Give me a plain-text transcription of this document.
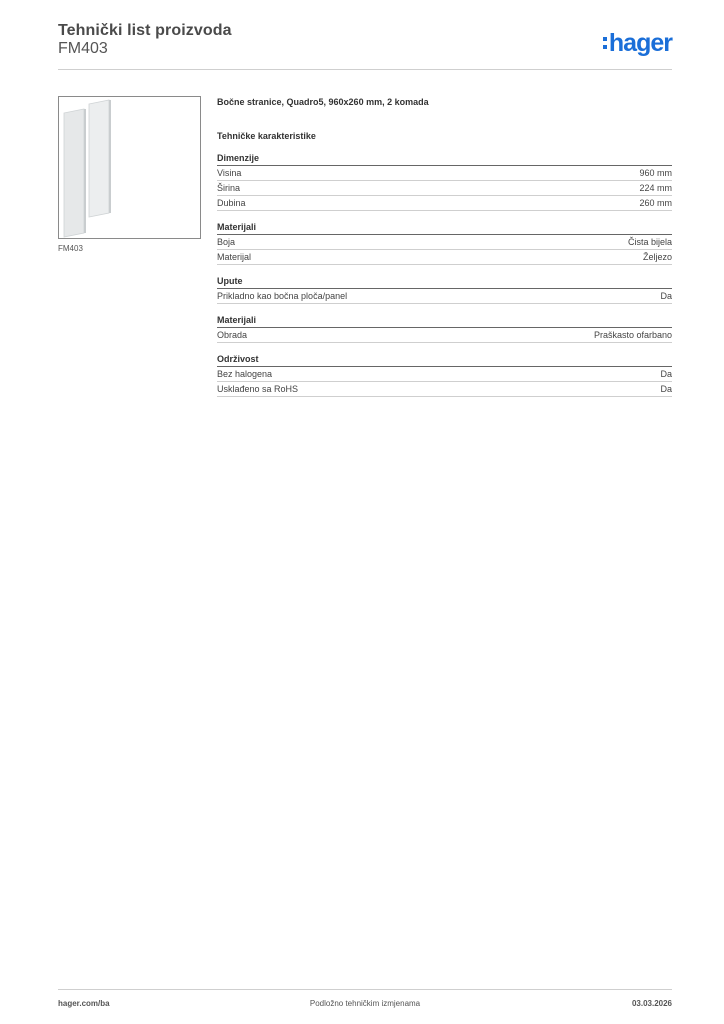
Tehnički list proizvoda
FM403	hager
FM403
Bočne stranice, Quadro5, 960x260 mm, 2 komada
Tehničke karakteristike
Dimenzije
Visina	960 mm
Širina	224 mm
Dubina	260 mm
Materijali
Boja	Čista bijela
Materijal	Željezo
Upute
Prikladno kao bočna ploča/panel	Da
Materijali
Obrada	Praškasto ofarbano
Održivost
Bez halogena	Da
Usklađeno sa RoHS	Da
hager.com/ba	Podložno tehničkim izmjenama	03.03.2026
